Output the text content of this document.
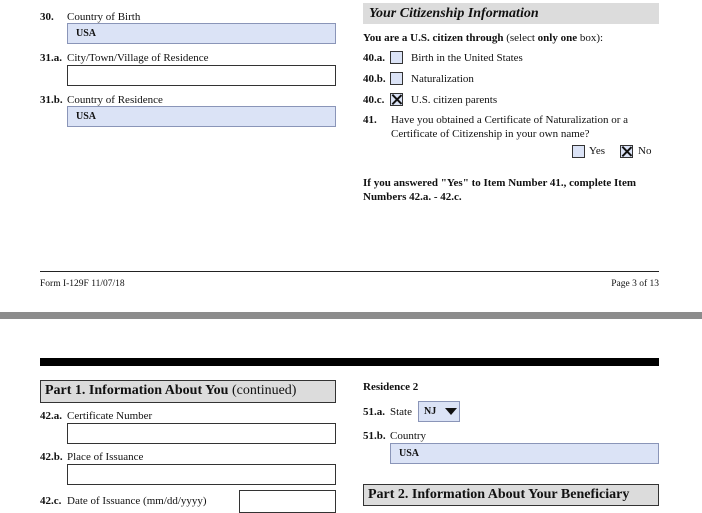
30. Country of Birth
USA
31.a. City/Town/Village of Residence
31.b. Country of Residence
USA
Your Citizenship Information
You are a U.S. citizen through (select only one box):
40.a. Birth in the United States
40.b. Naturalization
40.c. U.S. citizen parents
41. Have you obtained a Certificate of Naturalization or a
Certificate of Citizenship in your own name?
Yes	No
If you answered "Yes" to Item Number 41., complete Item
Numbers 42.a. - 42.c.
Form I-129F 11/07/18	Page 3 of 13
Part 1. Information About You (continued)
42.a. Certificate Number
42.b. Place of Issuance
42.c. Date of Issuance (mm/dd/yyyy)
Residence 2
51.a. State NJ
51.b. Country
USA
Part 2. Information About Your Beneficiary
